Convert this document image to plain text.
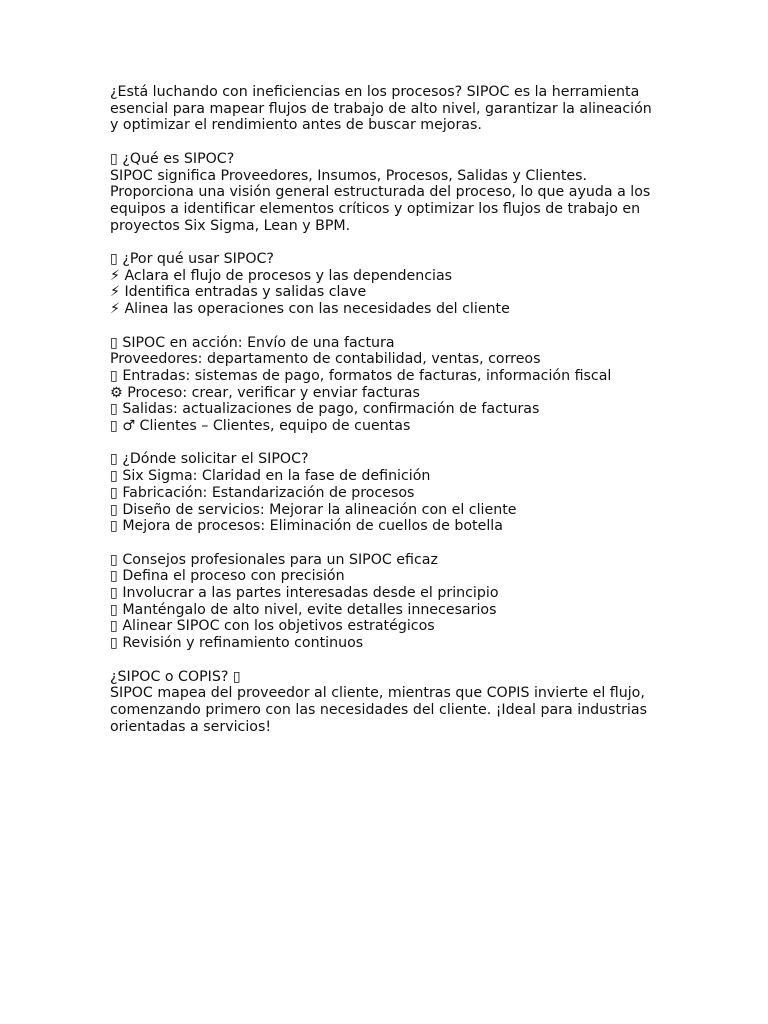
¿Está luchando con ineficiencias en los procesos? SIPOC es la herramienta
esencial para mapear flujos de trabajo de alto nivel, garantizar la alineación
y optimizar el rendimiento antes de buscar mejoras.

▯ ¿Qué es SIPOC?
SIPOC significa Proveedores, Insumos, Procesos, Salidas y Clientes.
Proporciona una visión general estructurada del proceso, lo que ayuda a los
equipos a identificar elementos críticos y optimizar los flujos de trabajo en
proyectos Six Sigma, Lean y BPM.

▯ ¿Por qué usar SIPOC?
⚡ Aclara el flujo de procesos y las dependencias
⚡ Identifica entradas y salidas clave
⚡ Alinea las operaciones con las necesidades del cliente

▯ SIPOC en acción: Envío de una factura
Proveedores: departamento de contabilidad, ventas, correos
▯ Entradas: sistemas de pago, formatos de facturas, información fiscal
⚙ Proceso: crear, verificar y enviar facturas
▯ Salidas: actualizaciones de pago, confirmación de facturas
▯ ♂ Clientes – Clientes, equipo de cuentas

▯ ¿Dónde solicitar el SIPOC?
▯ Six Sigma: Claridad en la fase de definición
▯ Fabricación: Estandarización de procesos
▯ Diseño de servicios: Mejorar la alineación con el cliente
▯ Mejora de procesos: Eliminación de cuellos de botella

▯ Consejos profesionales para un SIPOC eficaz
▯ Defina el proceso con precisión
▯ Involucrar a las partes interesadas desde el principio
▯ Manténgalo de alto nivel, evite detalles innecesarios
▯ Alinear SIPOC con los objetivos estratégicos
▯ Revisión y refinamiento continuos

¿SIPOC o COPIS? ▯
SIPOC mapea del proveedor al cliente, mientras que COPIS invierte el flujo,
comenzando primero con las necesidades del cliente. ¡Ideal para industrias
orientadas a servicios!
